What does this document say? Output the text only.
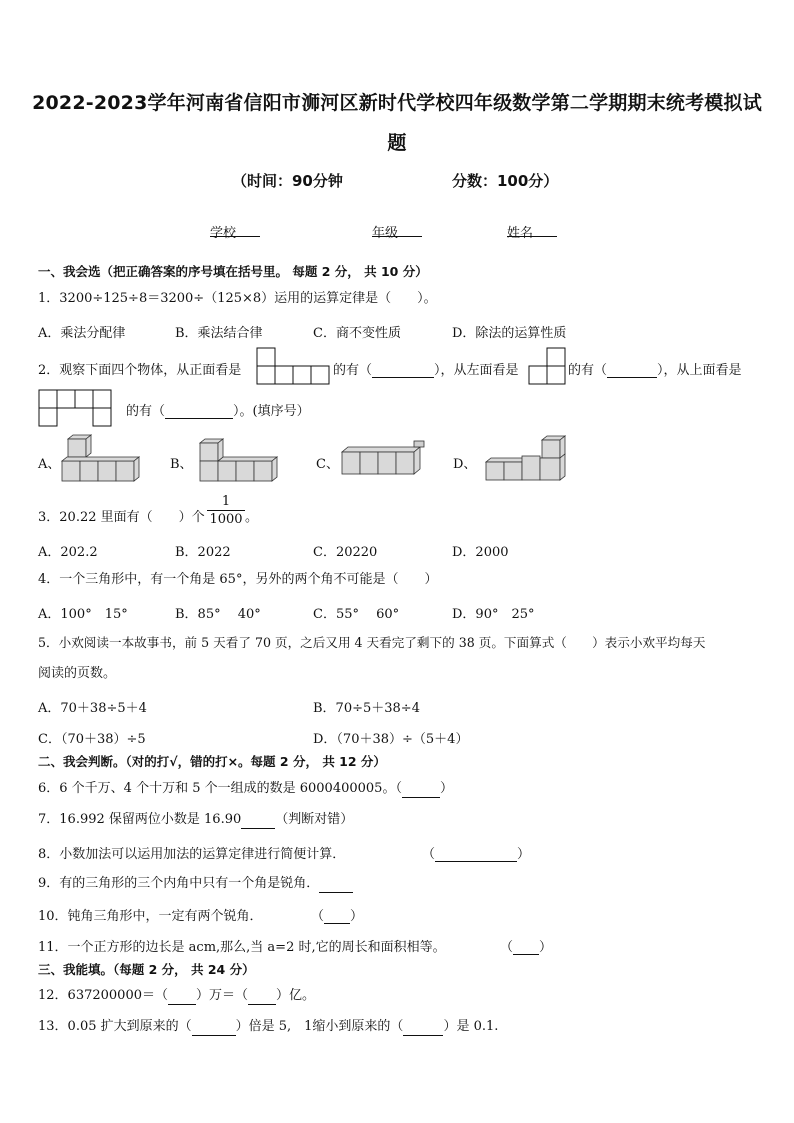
2022-2023学年河南省信阳市浉河区新时代学校四年级数学第二学期期末统考模拟试
题
（时间：90分钟	分数：100分）
学校	年级	姓名
一、我会选（把正确答案的序号填在括号里。 每题 2 分， 共 10 分）
1．3200÷125÷8＝3200÷（125×8）运用的运算定律是（　　）。
A．乘法分配律	B．乘法结合律	C．商不变性质	D．除法的运算性质
2．观察下面四个物体，从正面看是	的有（	），从左面看是	的有（	），从上面看是
的有（	）。(填序号）
A、	B、	C、	D、
3．20.22 里面有（　　）个 $\frac{1}{1000}$ 。
A．202.2	B．2022	C．20220	D．2000
4．一个三角形中，有一个角是 65°，另外的两个角不可能是（　　）
A．100°　15°	B．85°　 40°	C．55°　 60°	D．90°　25°
5．小欢阅读一本故事书，前 5 天看了 70 页，之后又用 4 天看完了剩下的 38 页。下面算式（　　）表示小欢平均每天
阅读的页数。
A．70＋38÷5＋4	B．70÷5＋38÷4
C．（70＋38）÷5	D．（70＋38）÷（5＋4）
二、我会判断。（对的打√，错的打×。每题 2 分， 共 12 分）
6．6 个千万、4 个十万和 5 个一组成的数是 6000400005。（	）
7．16.992 保留两位小数是 16.90	（判断对错）
8．小数加法可以运用加法的运算定律进行简便计算．	（	）
9．有的三角形的三个内角中只有一个角是锐角．
10．钝角三角形中，一定有两个锐角．	（ ）
11．一个正方形的边长是 acm,那么,当 a=2 时,它的周长和面积相等。	（ ）
三、我能填。（每题 2 分， 共 24 分）
12．637200000＝（ ）万＝（ ）亿。
13．0.05 扩大到原来的（	）倍是 5,　1缩小到原来的（	）是 0.1.
